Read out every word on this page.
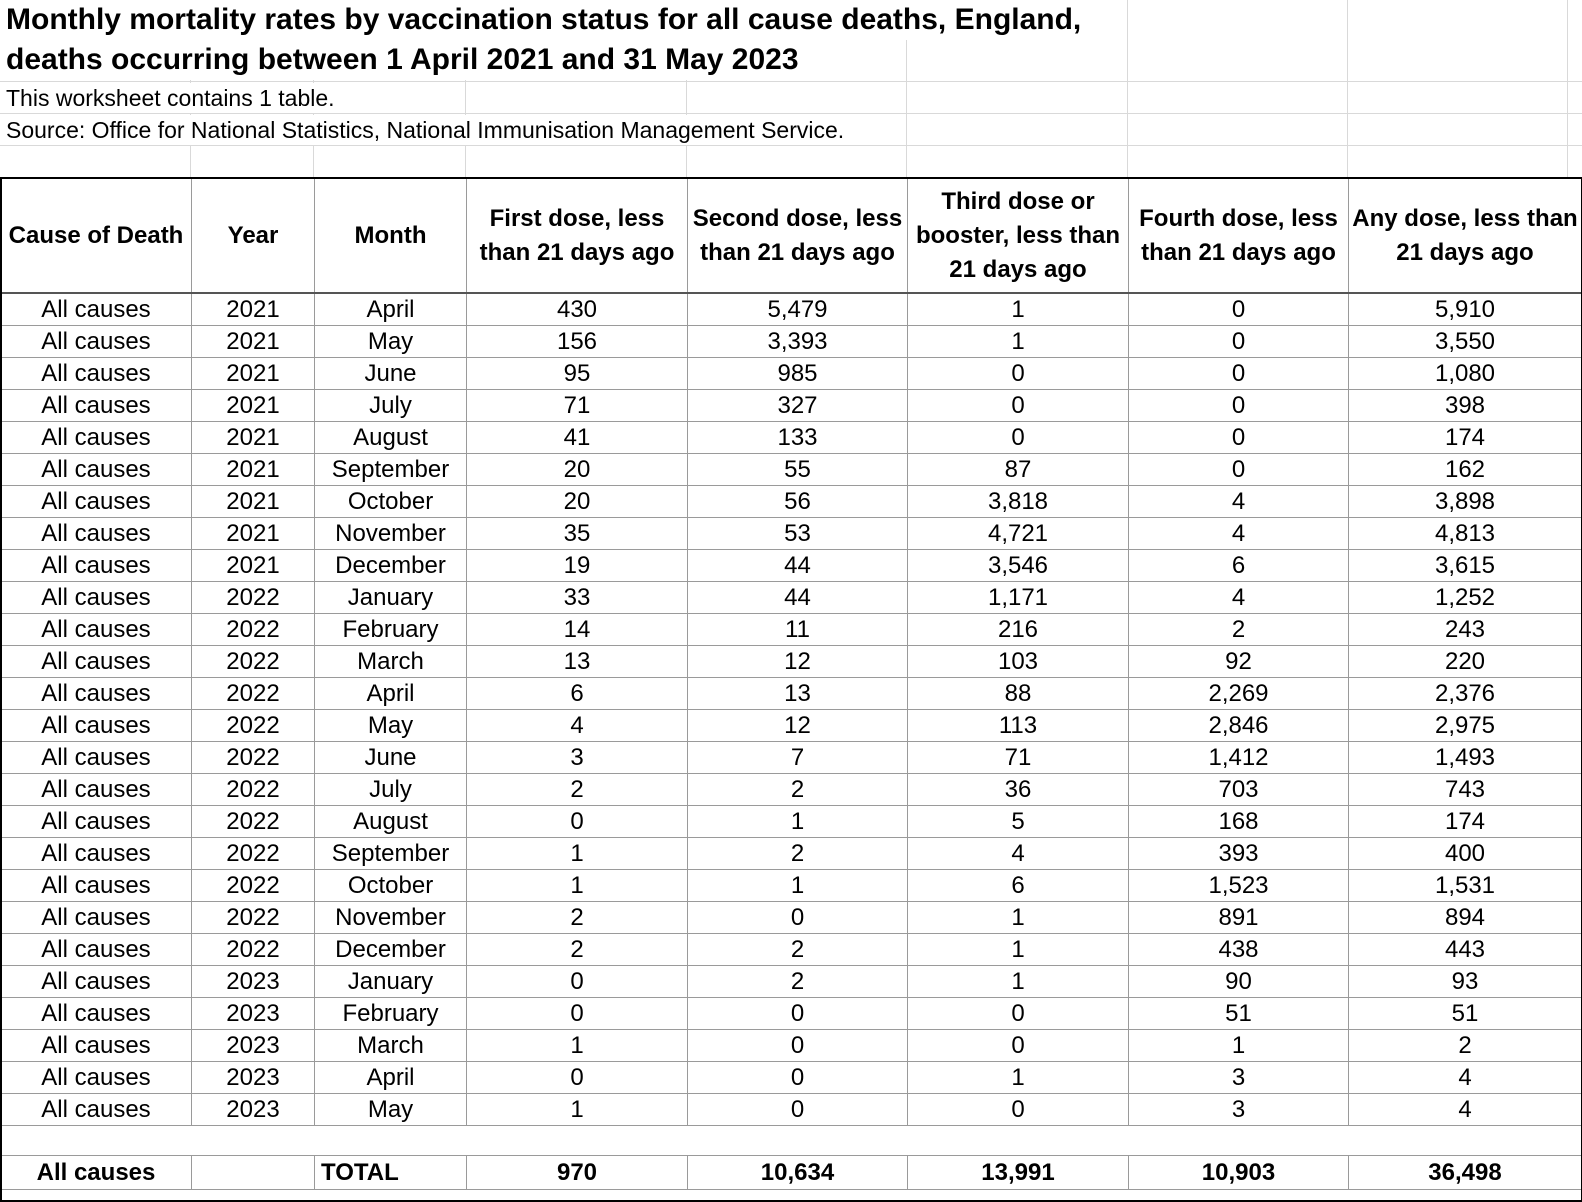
Monthly mortality rates by vaccination status for all cause deaths, England,
deaths occurring between 1 April 2021 and 31 May 2023
This worksheet contains 1 table.
Source: Office for National Statistics, National Immunisation Management Service.
Cause of Death	Year	Month	First dose, less than 21 days ago	Second dose, less than 21 days ago	Third dose or booster, less than 21 days ago	Fourth dose, less than 21 days ago	Any dose, less than 21 days ago
All causes	2021	April	430	5,479	1	0	5,910
All causes	2021	May	156	3,393	1	0	3,550
All causes	2021	June	95	985	0	0	1,080
All causes	2021	July	71	327	0	0	398
All causes	2021	August	41	133	0	0	174
All causes	2021	September	20	55	87	0	162
All causes	2021	October	20	56	3,818	4	3,898
All causes	2021	November	35	53	4,721	4	4,813
All causes	2021	December	19	44	3,546	6	3,615
All causes	2022	January	33	44	1,171	4	1,252
All causes	2022	February	14	11	216	2	243
All causes	2022	March	13	12	103	92	220
All causes	2022	April	6	13	88	2,269	2,376
All causes	2022	May	4	12	113	2,846	2,975
All causes	2022	June	3	7	71	1,412	1,493
All causes	2022	July	2	2	36	703	743
All causes	2022	August	0	1	5	168	174
All causes	2022	September	1	2	4	393	400
All causes	2022	October	1	1	6	1,523	1,531
All causes	2022	November	2	0	1	891	894
All causes	2022	December	2	2	1	438	443
All causes	2023	January	0	2	1	90	93
All causes	2023	February	0	0	0	51	51
All causes	2023	March	1	0	0	1	2
All causes	2023	April	0	0	1	3	4
All causes	2023	May	1	0	0	3	4

All causes		TOTAL	970	10,634	13,991	10,903	36,498
